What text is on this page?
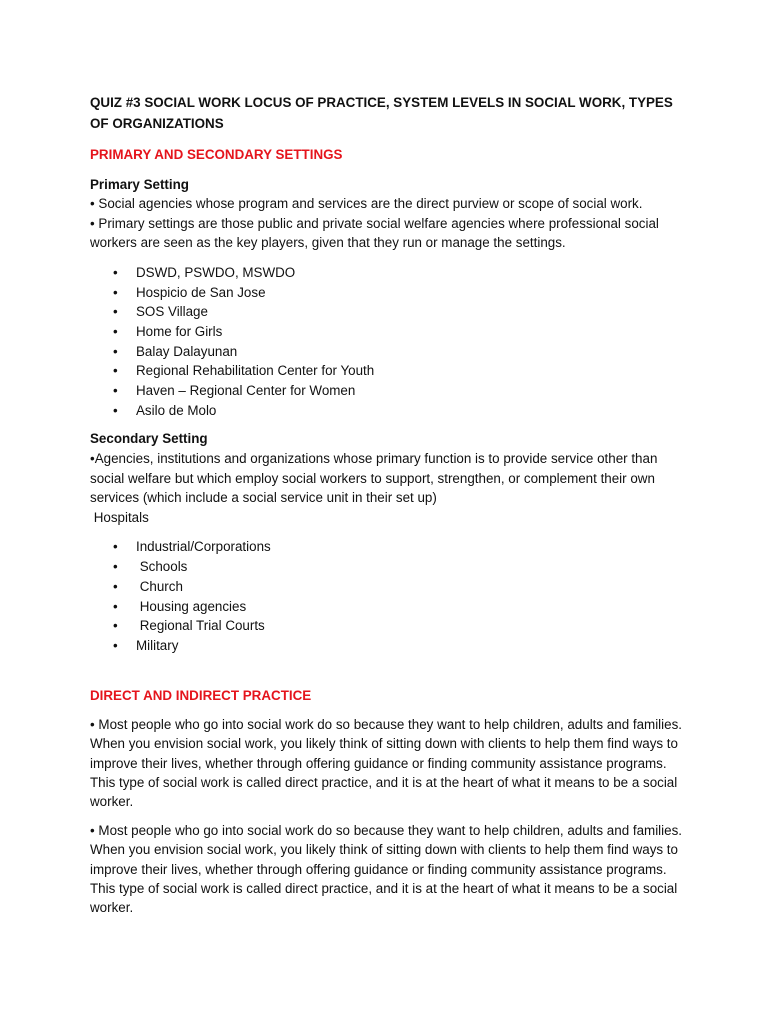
QUIZ #3 SOCIAL WORK LOCUS OF PRACTICE, SYSTEM LEVELS IN SOCIAL WORK, TYPES OF ORGANIZATIONS
PRIMARY AND SECONDARY SETTINGS
Primary Setting

• Social agencies whose program and services are the direct purview or scope of social work.

• Primary settings are those public and private social welfare agencies where professional social workers are seen as the key players, given that they run or manage the settings.

• DSWD, PSWDO, MSWDO
• Hospicio de San Jose
• SOS Village
• Home for Girls
• Balay Dalayunan
• Regional Rehabilitation Center for Youth
• Haven – Regional Center for Women
• Asilo de Molo
Secondary Setting

•Agencies, institutions and organizations whose primary function is to provide service other than social welfare but which employ social workers to support, strengthen, or complement their own services (which include a social service unit in their set up)

Hospitals

• Industrial/Corporations
• Schools
• Church
• Housing agencies
• Regional Trial Courts
• Military
DIRECT AND INDIRECT PRACTICE

• Most people who go into social work do so because they want to help children, adults and families. When you envision social work, you likely think of sitting down with clients to help them find ways to improve their lives, whether through offering guidance or finding community assistance programs. This type of social work is called direct practice, and it is at the heart of what it means to be a social worker.

• Most people who go into social work do so because they want to help children, adults and families. When you envision social work, you likely think of sitting down with clients to help them find ways to improve their lives, whether through offering guidance or finding community assistance programs. This type of social work is called direct practice, and it is at the heart of what it means to be a social worker.
